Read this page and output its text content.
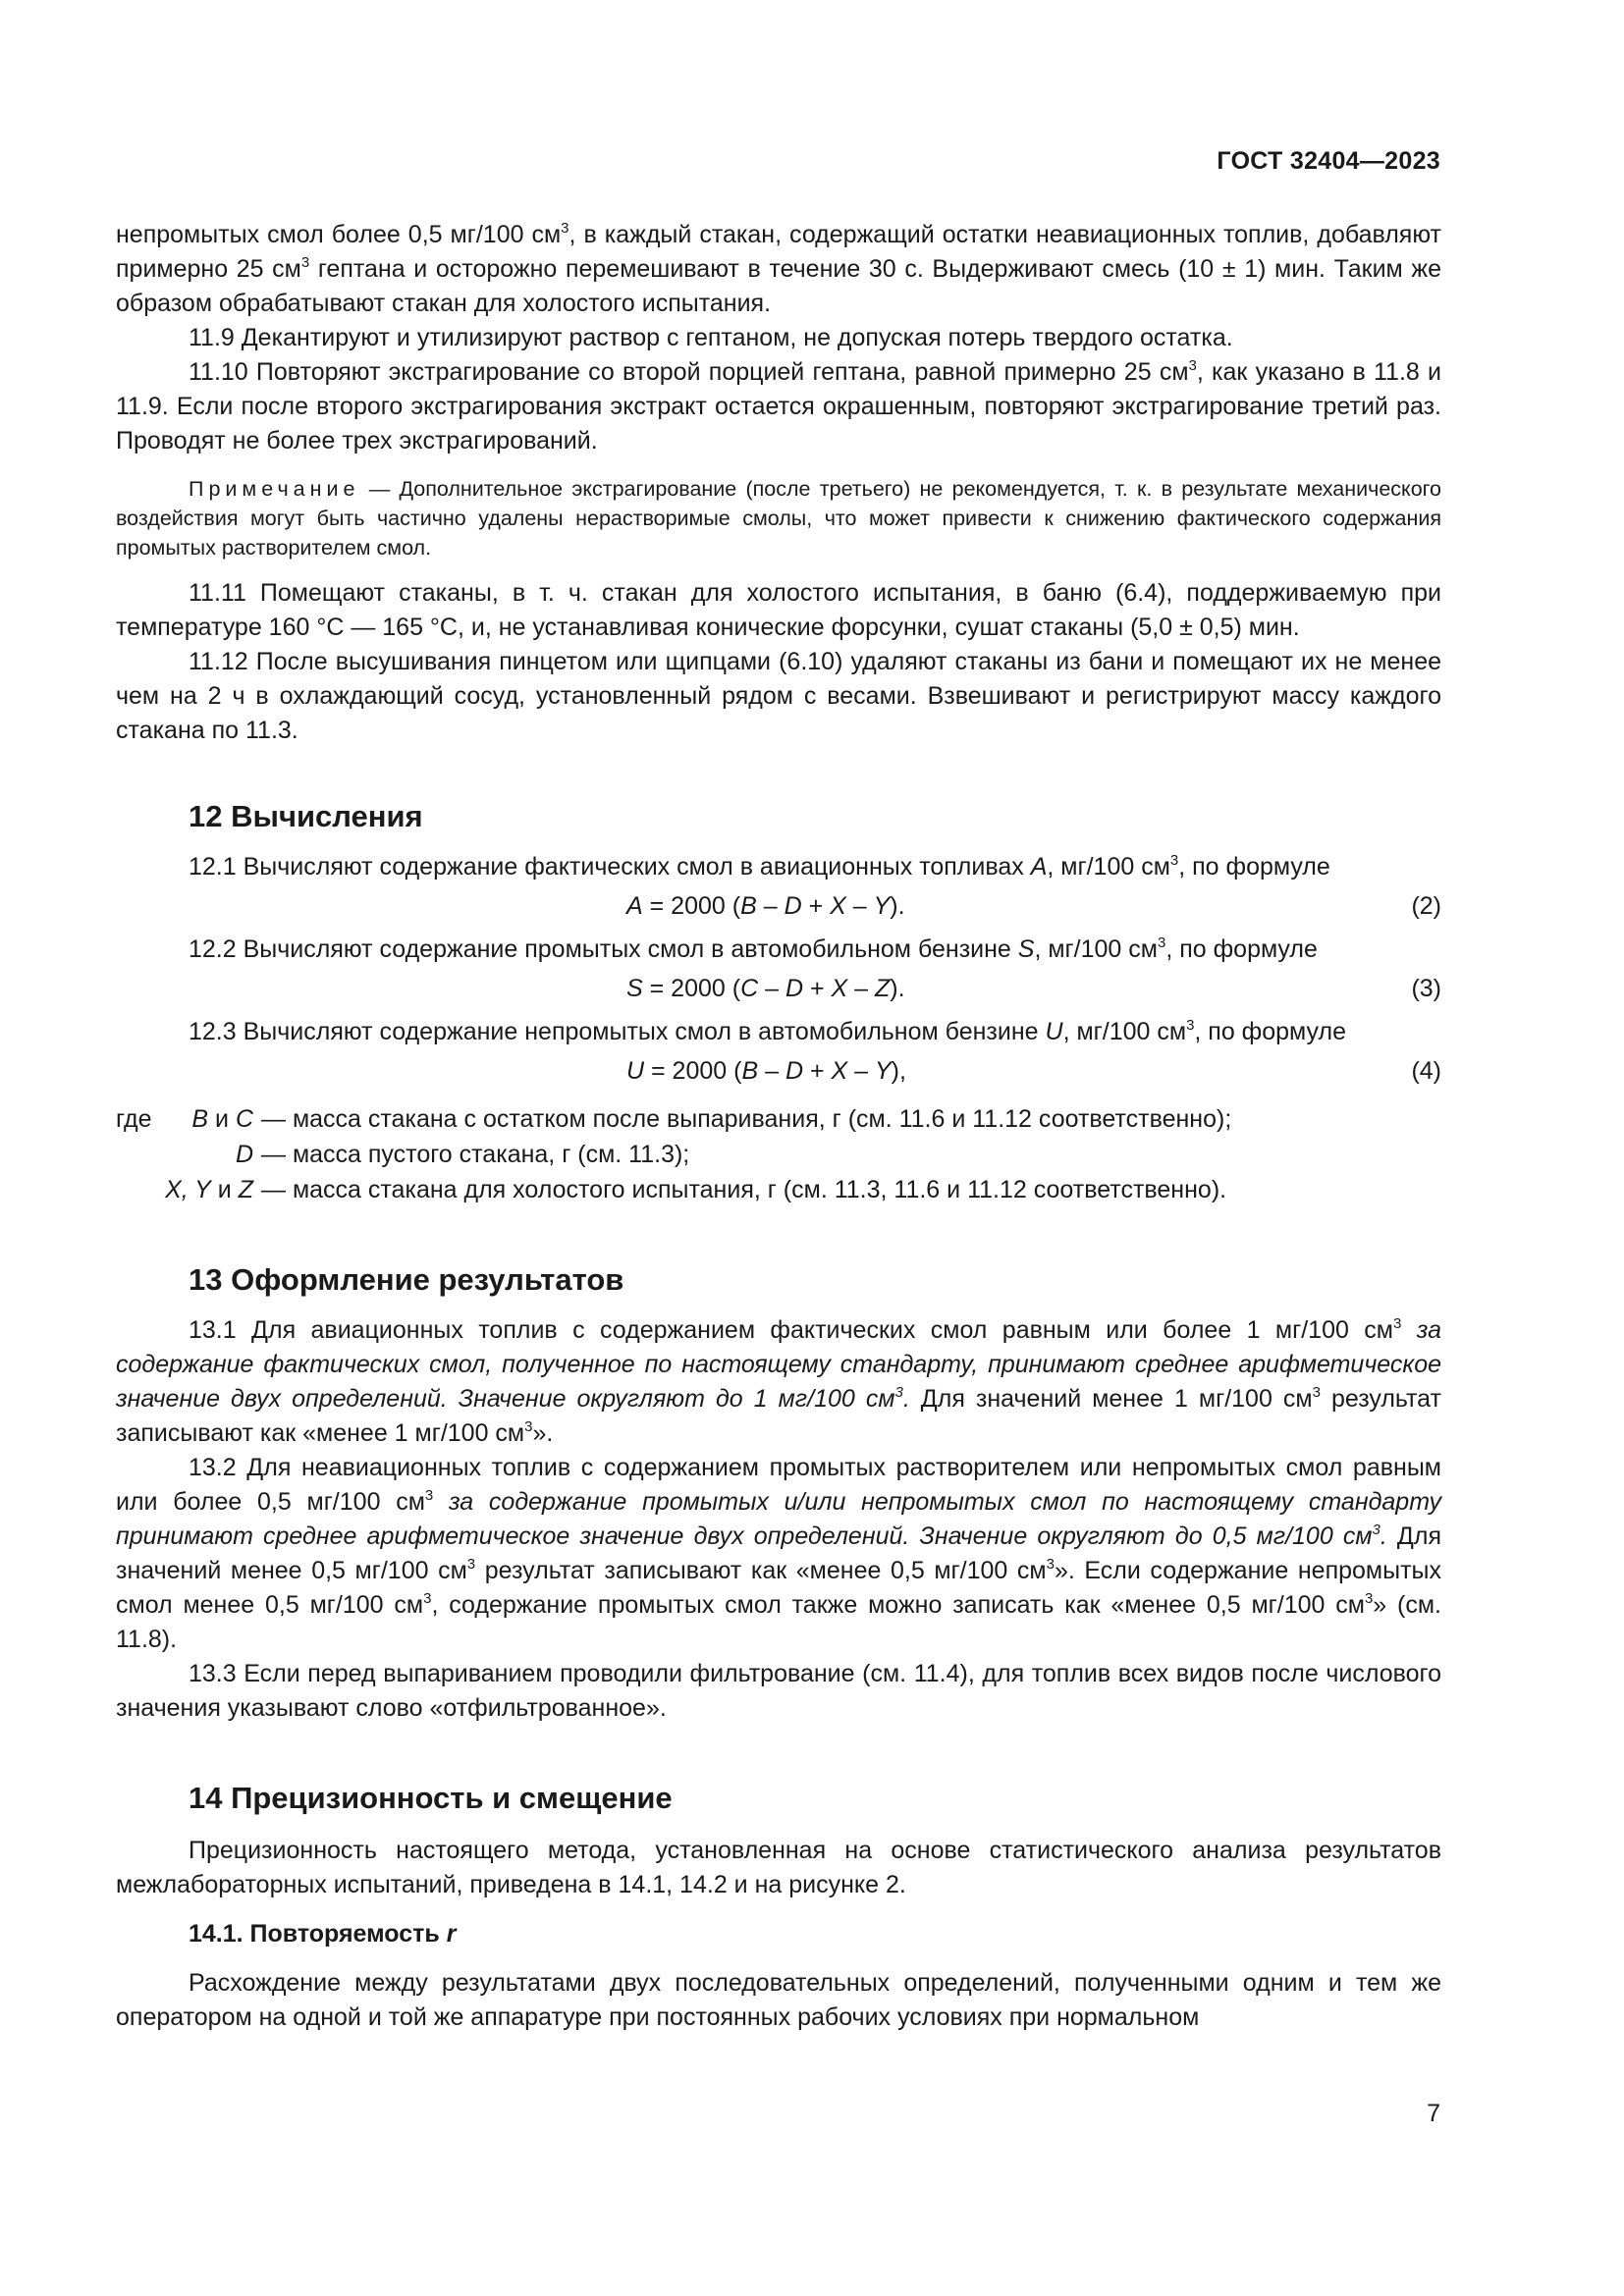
ГОСТ 32404—2023

непромытых смол более 0,5 мг/100 $см^3$, в каждый стакан, содержащий остатки неавиационных топлив, добавляют примерно 25 $см^3$ гептана и осторожно перемешивают в течение 30 с. Выдерживают смесь (10 ± 1) мин. Таким же образом обрабатывают стакан для холостого испытания.

11.9 Декантируют и утилизируют раствор с гептаном, не допуская потерь твердого остатка.

11.10 Повторяют экстрагирование со второй порцией гептана, равной примерно 25 $см^3$, как указано в 11.8 и 11.9. Если после второго экстрагирования экстракт остается окрашенным, повторяют экстрагирование третий раз. Проводят не более трех экстрагирований.

Примечание — Дополнительное экстрагирование (после третьего) не рекомендуется, т. к. в результате механического воздействия могут быть частично удалены нерастворимые смолы, что может привести к снижению фактического содержания промытых растворителем смол.

11.11 Помещают стаканы, в т. ч. стакан для холостого испытания, в баню (6.4), поддерживаемую при температуре 160 °С — 165 °С, и, не устанавливая конические форсунки, сушат стаканы (5,0 ± 0,5) мин.

11.12 После высушивания пинцетом или щипцами (6.10) удаляют стаканы из бани и помещают их не менее чем на 2 ч в охлаждающий сосуд, установленный рядом с весами. Взвешивают и регистрируют массу каждого стакана по 11.3.

12 Вычисления

12.1 Вычисляют содержание фактических смол в авиационных топливах A, мг/100 $см^3$, по формуле

A = 2000 (B – D + X – Y).	(2)

12.2 Вычисляют содержание промытых смол в автомобильном бензине S, мг/100 $см^3$, по формуле

S = 2000 (C – D + X – Z).	(3)

12.3 Вычисляют содержание непромытых смол в автомобильном бензине U, мг/100 $см^3$, по формуле

U = 2000 (B – D + X – Y),	(4)
где B и C — масса стакана с остатком после выпаривания, г (см. 11.6 и 11.12 соответственно);
D — масса пустого стакана, г (см. 11.3);
X, Y и Z — масса стакана для холостого испытания, г (см. 11.3, 11.6 и 11.12 соответственно).
13 Оформление результатов

13.1 Для авиационных топлив с содержанием фактических смол равным или более 1 мг/100 $см^3$ за содержание фактических смол, полученное по настоящему стандарту, принимают среднее арифметическое значение двух определений. Значение округляют до 1 мг/100 $см^3$. Для значений менее 1 мг/100 $см^3$ результат записывают как «менее 1 мг/100 $см^3$».

13.2 Для неавиационных топлив с содержанием промытых растворителем или непромытых смол равным или более 0,5 мг/100 $см^3$ за содержание промытых и/или непромытых смол по настоящему стандарту принимают среднее арифметическое значение двух определений. Значение округляют до 0,5 мг/100 $см^3$. Для значений менее 0,5 мг/100 $см^3$ результат записывают как «менее 0,5 мг/100 $см^3$». Если содержание непромытых смол менее 0,5 мг/100 $см^3$, содержание промытых смол также можно записать как «менее 0,5 мг/100 $см^3$» (см. 11.8).

13.3 Если перед выпариванием проводили фильтрование (см. 11.4), для топлив всех видов после числового значения указывают слово «отфильтрованное».

14 Прецизионность и смещение

Прецизионность настоящего метода, установленная на основе статистического анализа результатов межлабораторных испытаний, приведена в 14.1, 14.2 и на рисунке 2.

14.1. Повторяемость r

Расхождение между результатами двух последовательных определений, полученными одним и тем же оператором на одной и той же аппаратуре при постоянных рабочих условиях при нормальном

7
